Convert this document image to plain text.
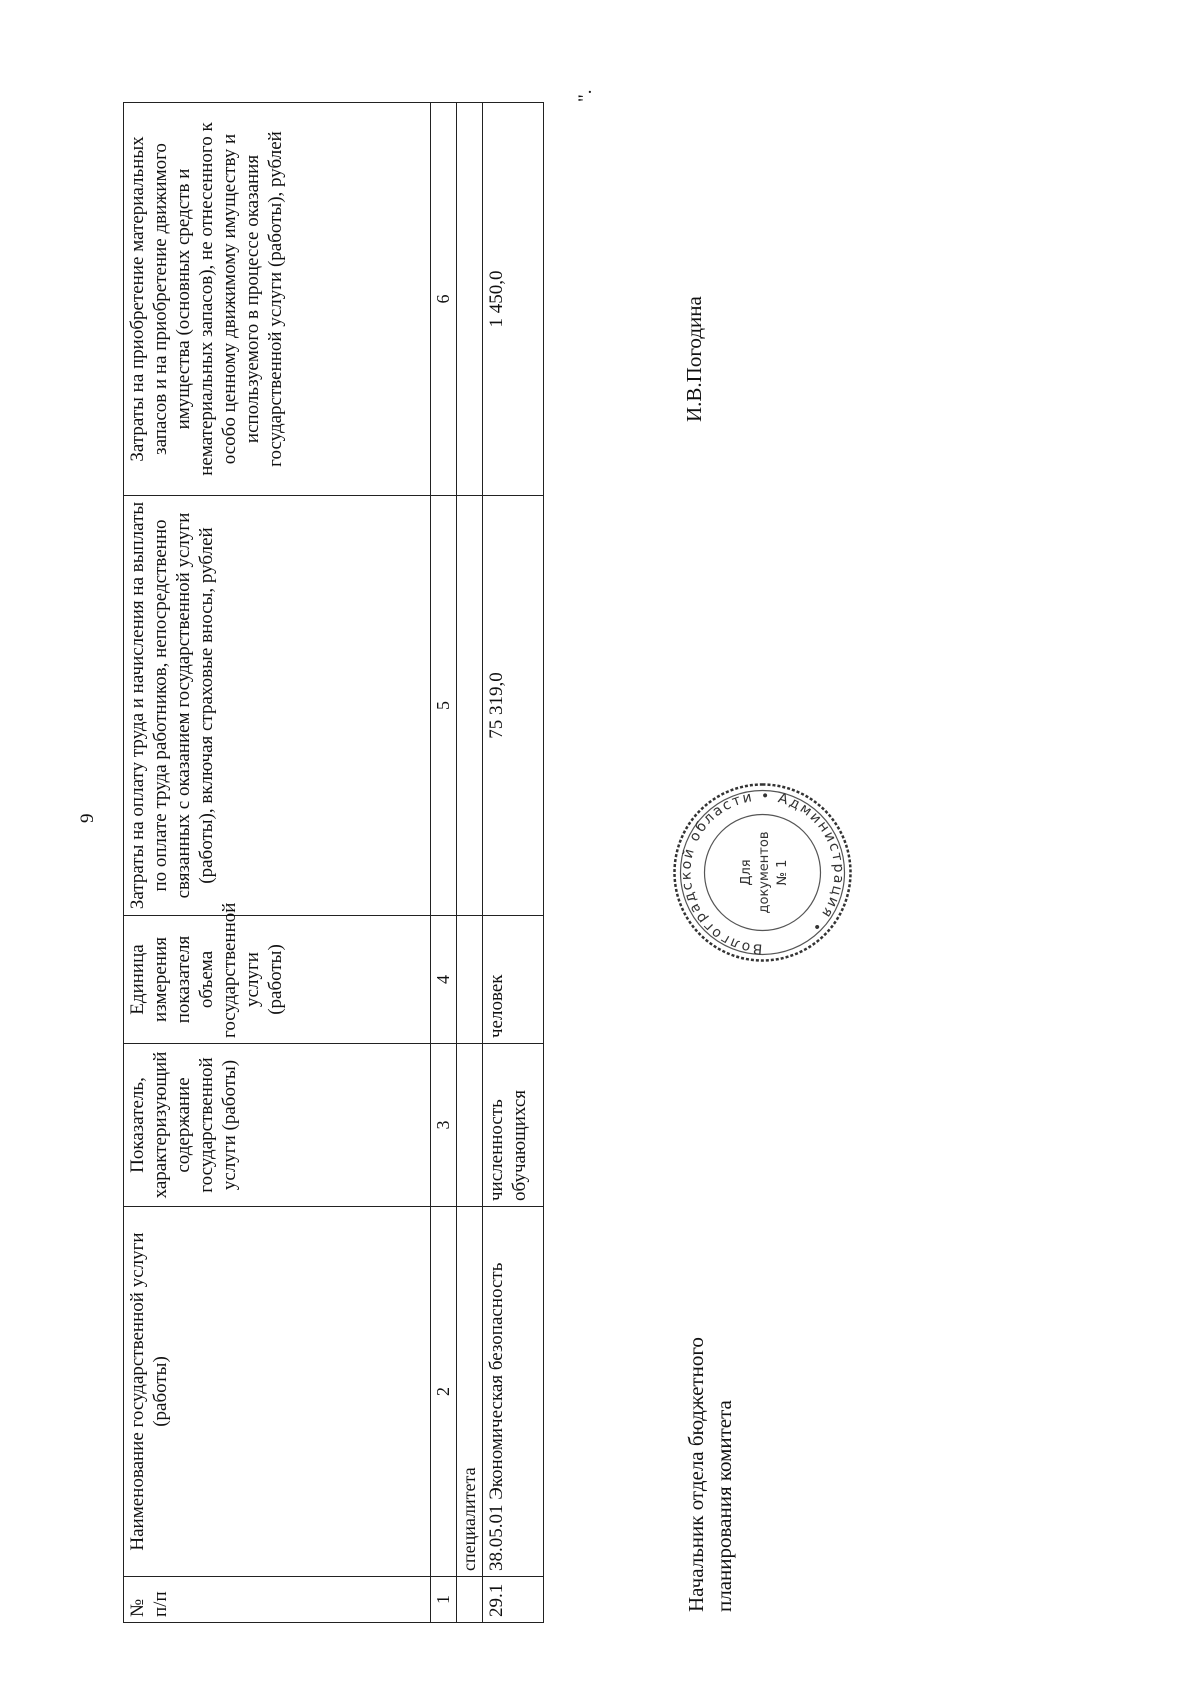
9
№ п/п	Наименование государственной услуги (работы)	Показатель, характеризующий содержание государственной услуги (работы)	Единица измерения показателя объема государственной услуги (работы)	Затраты на оплату труда и начисления на выплаты по оплате труда работников, непосредственно связанных с оказанием государственной услуги (работы), включая страховые вносы, рублей	Затраты на приобретение материальных запасов и на приобретение движимого имущества (основных средств и нематериальных запасов), не отнесенного к особо ценному движимому имуществу и используемого в процессе оказания государственной услуги (работы), рублей
1	2	3	4	5	6
	специалитета				
29.1	38.05.01 Экономическая безопасность	численность обучающихся	человек	75 319,0	1 450,0
".
Начальник отдела бюджетного планирования комитета
Волгоградской области • Администрация •
Для документов № 1
И.В.Погодина
